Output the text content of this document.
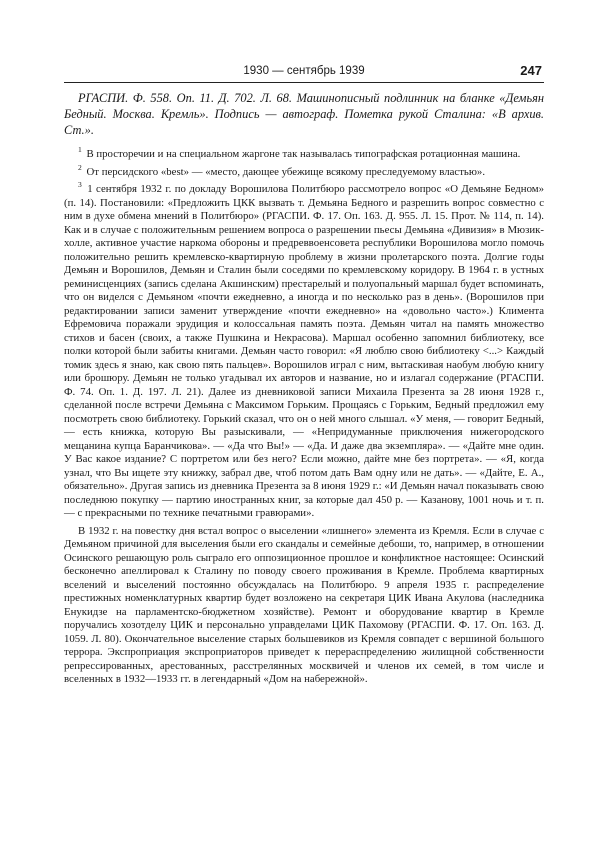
1930 — сентябрь 1939	247

РГАСПИ. Ф. 558. Оп. 11. Д. 702. Л. 68. Машинописный подлинник на бланке «Демьян Бедный. Москва. Кремль». Подпись — автограф. Пометка рукой Сталина: «В архив. Ст.».

$^1$ В просторечии и на специальном жаргоне так называлась типографская ротационная машина.

$^2$ От персидского «best» — «место, дающее убежище всякому преследуемому властью».

$^3$ 1 сентября 1932 г. по докладу Ворошилова Политбюро рассмотрело вопрос «О Демьяне Бедном» (п. 14). Постановили: «Предложить ЦКК вызвать т. Демьяна Бедного и разрешить вопрос совместно с ним в духе обмена мнений в Политбюро» (РГАСПИ. Ф. 17. Оп. 163. Д. 955. Л. 15. Прот. № 114, п. 14). Как и в случае с положительным решением вопроса о разрешении пьесы Демьяна «Дивизия» в Мюзик-холле, активное участие наркома обороны и предреввоенсовета республики Ворошилова могло помочь положительно решить кремлевско-квартирную проблему в жизни пролетарского поэта. Долгие годы Демьян и Ворошилов, Демьян и Сталин были соседями по кремлевскому коридору. В 1964 г. в устных реминисценциях (запись сделана Акшинским) престарелый и полуопальный маршал будет вспоминать, что он виделся с Демьяном «почти ежедневно, а иногда и по несколько раз в день». (Ворошилов при редактировании записи заменит утверждение «почти ежедневно» на «довольно часто».) Климента Ефремовича поражали эрудиция и колоссальная память поэта. Демьян читал на память множество стихов и басен (своих, а также Пушкина и Некрасова). Маршал особенно запомнил библиотеку, все полки которой были забиты книгами. Демьян часто говорил: «Я люблю свою библиотеку <...> Каждый томик здесь я знаю, как свою пять пальцев». Ворошилов играл с ним, вытаскивая наобум любую книгу или брошюру. Демьян не только угадывал их авторов и название, но и излагал содержание (РГАСПИ. Ф. 74. Оп. 1. Д. 197. Л. 21). Далее из дневниковой записи Михаила Презента за 28 июня 1928 г., сделанной после встречи Демьяна с Максимом Горьким. Прощаясь с Горьким, Бедный предложил ему посмотреть свою библиотеку. Горький сказал, что он о ней много слышал. «У меня, — говорит Бедный, — есть книжка, которую Вы разыскивали, — «Непридуманные приключения нижегородского мещанина купца Баранчикова». — «Да что Вы!» — «Да. И даже два экземпляра». — «Дайте мне один. У Вас какое издание? С портретом или без него? Если можно, дайте мне без портрета». — «Я, когда узнал, что Вы ищете эту книжку, забрал две, чтоб потом дать Вам одну или не дать». — «Дайте, Е. А., обязательно». Другая запись из дневника Презента за 8 июня 1929 г.: «И Демьян начал показывать свою последнюю покупку — партию иностранных книг, за которые дал 450 р. — Казанову, 1001 ночь и т. п. — с прекрасными по технике печатными гравюрами».

В 1932 г. на повестку дня встал вопрос о выселении «лишнего» элемента из Кремля. Если в случае с Демьяном причиной для выселения были его скандалы и семейные дебоши, то, например, в отношении Осинского решающую роль сыграло его оппозиционное прошлое и конфликтное настоящее: Осинский бесконечно апеллировал к Сталину по поводу своего проживания в Кремле. Проблема квартирных вселений и выселений постоянно обсуждалась на Политбюро. 9 апреля 1935 г. распределение престижных номенклатурных квартир будет возложено на секретаря ЦИК Ивана Акулова (наследника Енукидзе на парламентско-бюджетном хозяйстве). Ремонт и оборудование квартир в Кремле поручались хозотделу ЦИК и персонально управделами ЦИК Пахомову (РГАСПИ. Ф. 17. Оп. 163. Д. 1059. Л. 80). Окончательное выселение старых большевиков из Кремля совпадет с вершиной большого террора. Экспроприация экспроприаторов приведет к перераспределению жилищной собственности репрессированных, арестованных, расстрелянных москвичей и членов их семей, в том числе и вселенных в 1932—1933 гг. в легендарный «Дом на набережной».
